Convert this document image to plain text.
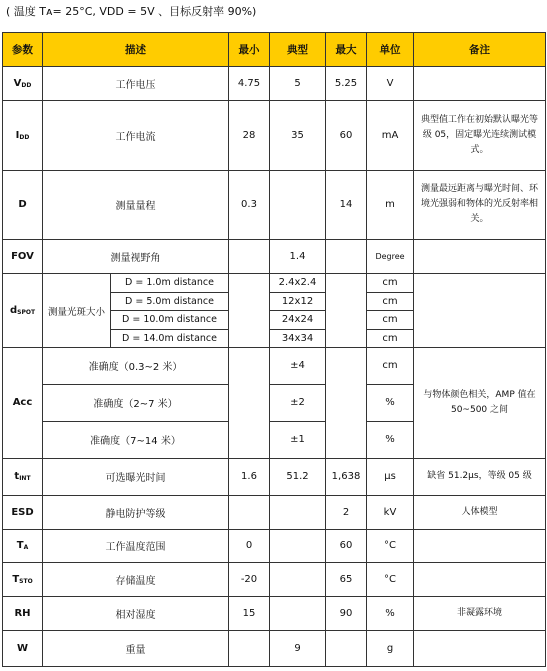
( 温度 Tᴀ= 25°C, VDD = 5V 、目标反射率 90%)
参数	描述		最小	典型	最大	单位	备注
$V_{DD}$	工作电压		4.75	5	5.25	V	
$I_{DD}$	工作电流		28	35	60	mA	典型值工作在初始默认曝光等级 05，固定曝光连续测试模式。
D	测量量程		0.3		14	m	测量最远距离与曝光时间、环境光强弱和物体的光反射率相关。
FOV	测量视野角			1.4		Degree	
$d_{SPOT}$	测量光斑大小	D = 1.0m distance		2.4x2.4		cm	
		D = 5.0m distance		12x12		cm	
		D = 10.0m distance		24x24		cm	
		D = 14.0m distance		34x34		cm	
Acc	准确度（0.3~2 米）			±4		cm	与物体颜色相关，AMP 值在 50~500 之间
	准确度（2~7 米）			±2		%	
	准确度（7~14 米）			±1		%	
$t_{INT}$	可选曝光时间		1.6	51.2	1,638	μs	缺省 51.2μs，等级 05 级
ESD	静电防护等级				2	kV	人体模型
$T_A$	工作温度范围		0		60	°C	
$T_{STO}$	存储温度		-20		65	°C	
RH	相对湿度		15		90	%	非凝露环境
W	重量			9		g	
